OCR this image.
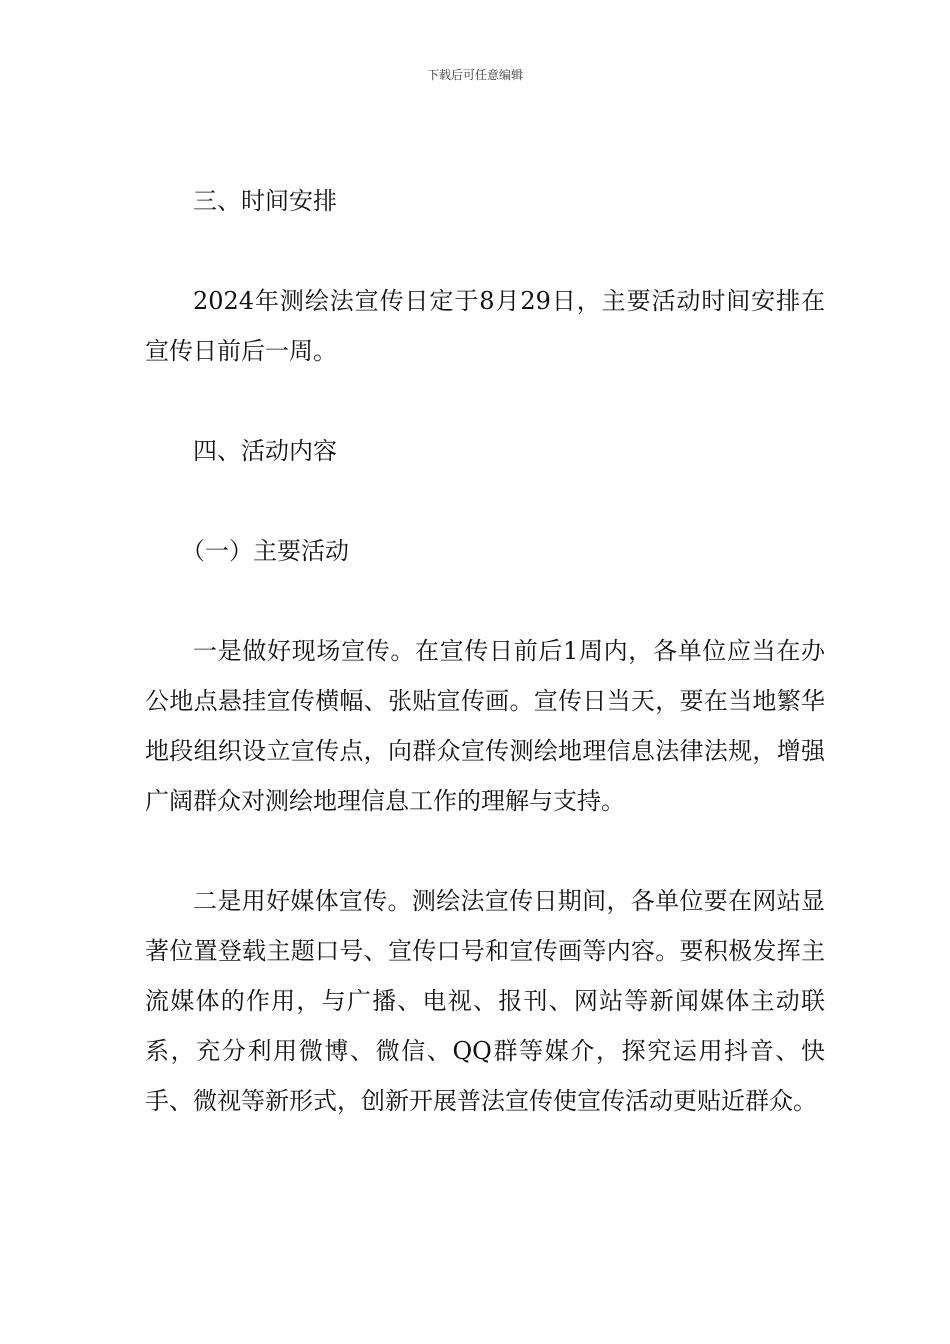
下载后可任意编辑

三、时间安排

2024年测绘法宣传日定于8月29日，主要活动时间安排在宣传日前后一周。

四、活动内容

（一）主要活动

一是做好现场宣传。在宣传日前后1周内，各单位应当在办公地点悬挂宣传横幅、张贴宣传画。宣传日当天，要在当地繁华地段组织设立宣传点，向群众宣传测绘地理信息法律法规，增强广阔群众对测绘地理信息工作的理解与支持。

二是用好媒体宣传。测绘法宣传日期间，各单位要在网站显著位置登载主题口号、宣传口号和宣传画等内容。要积极发挥主流媒体的作用，与广播、电视、报刊、网站等新闻媒体主动联系，充分利用微博、微信、QQ群等媒介，探究运用抖音、快手、微视等新形式，创新开展普法宣传使宣传活动更贴近群众。
